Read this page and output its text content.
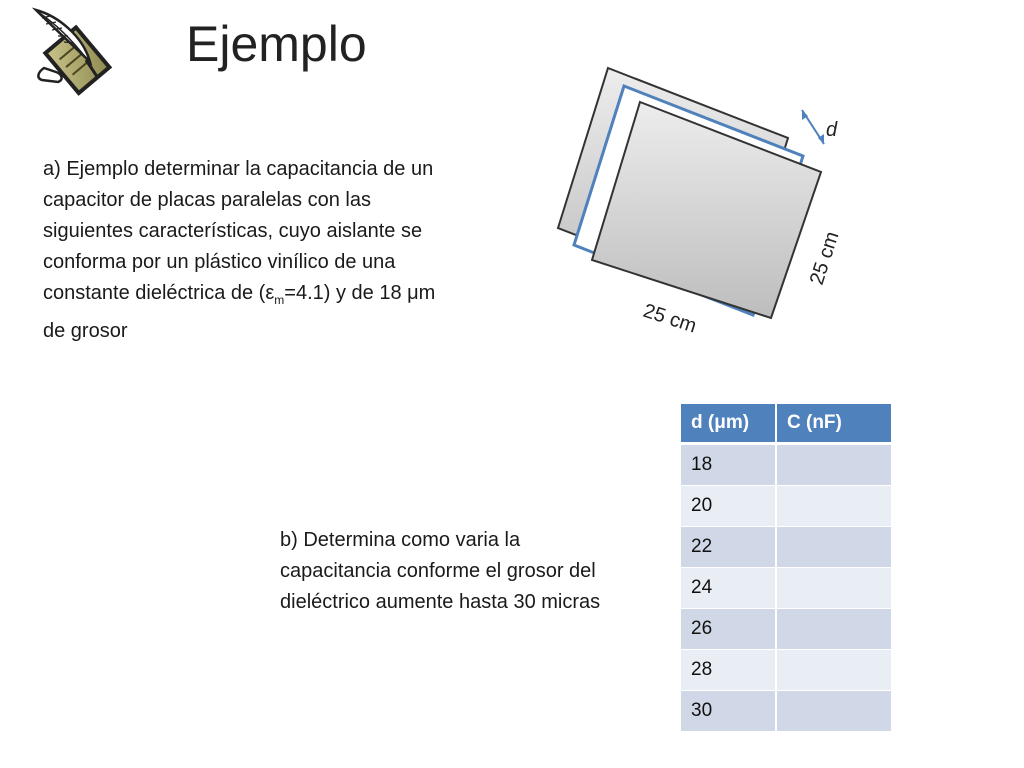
Ejemplo

a) Ejemplo determinar la capacitancia de un capacitor de placas paralelas con las siguientes características, cuyo aislante se conforma por un plástico vinílico de una constante dieléctrica de $(\varepsilon_m=4.1)$ y de 18 μm de grosor

d
25 cm
25 cm

b) Determina como varia la capacitancia conforme el grosor del dieléctrico aumente hasta 30 micras

d (μm)	C (nF)
18	
20	
22	
24	
26	
28	
30	
